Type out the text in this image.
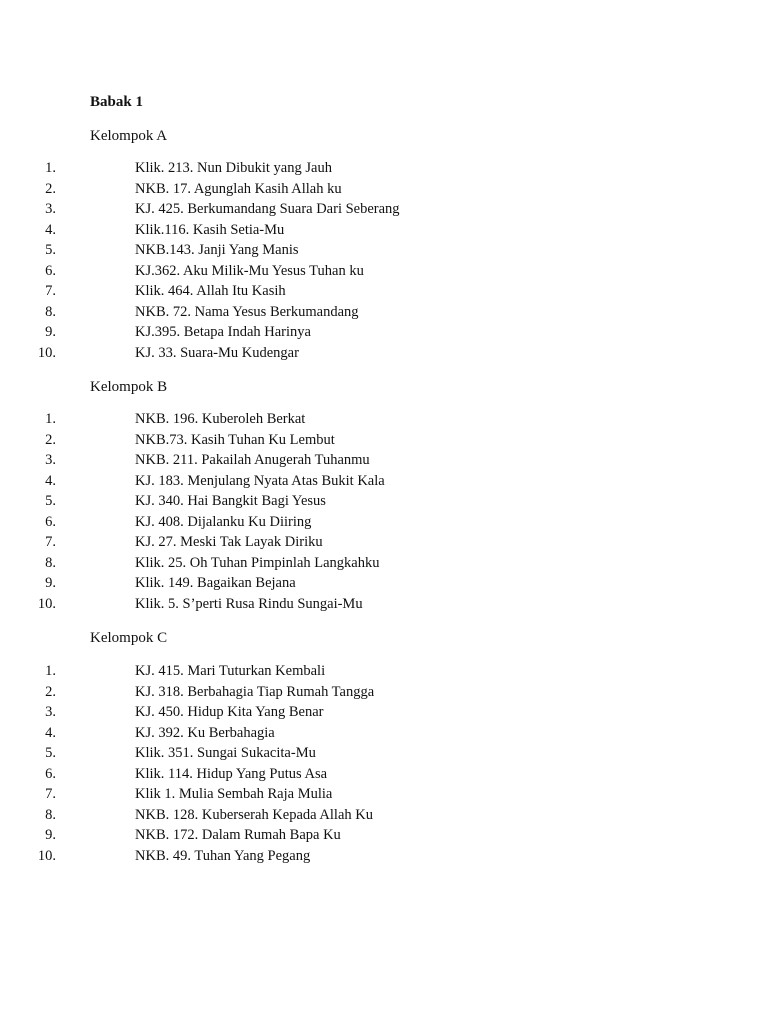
Babak 1
Kelompok A
1.	Klik. 213. Nun Dibukit yang Jauh
2.	NKB. 17. Agunglah Kasih Allah ku
3.	KJ. 425. Berkumandang Suara Dari Seberang
4.	Klik.116. Kasih Setia-Mu
5.	NKB.143. Janji Yang Manis
6.	KJ.362. Aku Milik-Mu Yesus Tuhan ku
7.	Klik. 464. Allah Itu Kasih
8.	NKB. 72. Nama Yesus Berkumandang
9.	KJ.395. Betapa Indah Harinya
10.	KJ. 33. Suara-Mu Kudengar
Kelompok B
1.	NKB. 196. Kuberoleh Berkat
2.	NKB.73. Kasih Tuhan Ku Lembut
3.	NKB. 211. Pakailah Anugerah Tuhanmu
4.	KJ. 183. Menjulang Nyata Atas Bukit Kala
5.	KJ. 340. Hai Bangkit Bagi Yesus
6.	KJ. 408. Dijalanku Ku Diiring
7.	KJ. 27. Meski Tak Layak Diriku
8.	Klik. 25. Oh Tuhan Pimpinlah Langkahku
9.	Klik. 149. Bagaikan Bejana
10.	Klik. 5. S’perti Rusa Rindu Sungai-Mu
Kelompok C
1.	KJ. 415. Mari Tuturkan Kembali
2.	KJ. 318. Berbahagia Tiap Rumah Tangga
3.	KJ. 450. Hidup Kita Yang Benar
4.	KJ. 392. Ku Berbahagia
5.	Klik. 351. Sungai Sukacita-Mu
6.	Klik. 114. Hidup Yang Putus Asa
7.	Klik 1. Mulia Sembah Raja Mulia
8.	NKB. 128. Kuberserah Kepada Allah Ku
9.	NKB. 172. Dalam Rumah Bapa Ku
10.	NKB. 49. Tuhan Yang Pegang
